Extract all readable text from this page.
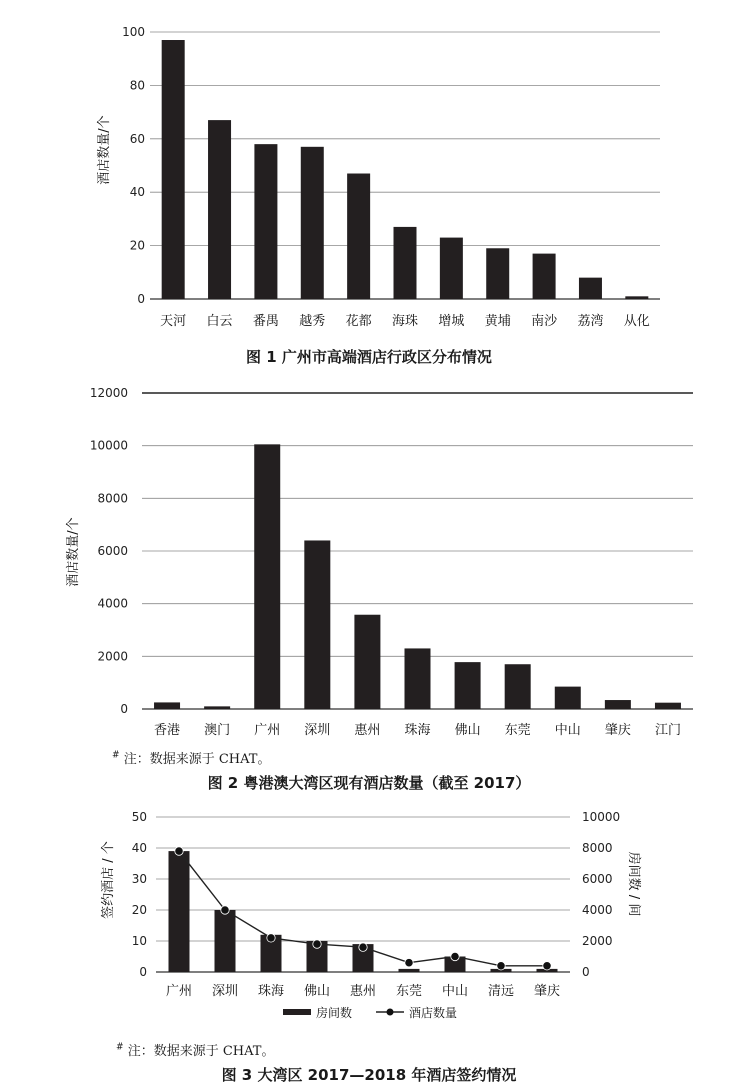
0
20
40
60
80
100
酒店数量/个
天河 白云 番禺 越秀 花都 海珠 增城 黄埔 南沙 荔湾 从化
0
2000
4000
6000
8000
10000
12000
酒店数量/个
香港 澳门 广州 深圳 惠州 珠海 佛山 东莞 中山 肇庆 江门
0
10
20
30
40
50
签约酒店 / 个
广州 深圳 珠海 佛山 惠州 东莞 中山 清远 肇庆
0
2000
4000
6000
8000
10000
房间数 / 间
房间数	酒店数量
图 1 广州市高端酒店行政区分布情况
# 注：数据来源于 CHAT。
图 2 粤港澳大湾区现有酒店数量（截至 2017）
# 注：数据来源于 CHAT。
图 3 大湾区 2017—2018 年酒店签约情况
